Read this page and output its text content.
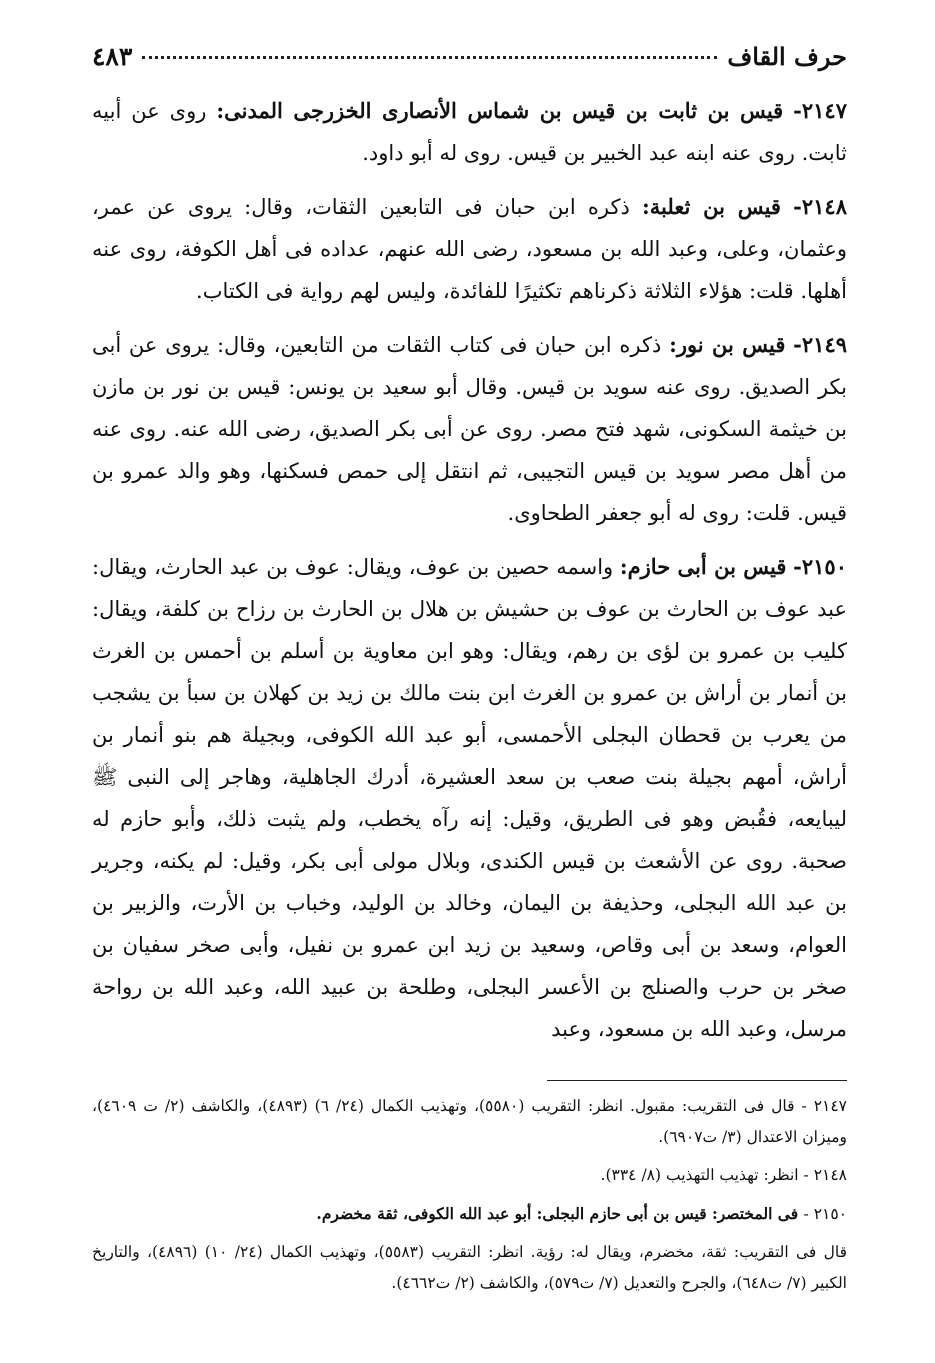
حرف القاف
٤٨٣

٢١٤٧- قيس بن ثابت بن قيس بن شماس الأنصارى الخزرجى المدنى: روى عن أبيه ثابت. روى عنه ابنه عبد الخبير بن قيس. روى له أبو داود.

٢١٤٨- قيس بن ثعلبة: ذكره ابن حبان فى التابعين الثقات، وقال: يروى عن عمر، وعثمان، وعلى، وعبد الله بن مسعود، رضى الله عنهم، عداده فى أهل الكوفة، روى عنه أهلها. قلت: هؤلاء الثلاثة ذكرناهم تكثيرًا للفائدة، وليس لهم رواية فى الكتاب.

٢١٤٩- قيس بن نور: ذكره ابن حبان فى كتاب الثقات من التابعين، وقال: يروى عن أبى بكر الصديق. روى عنه سويد بن قيس. وقال أبو سعيد بن يونس: قيس بن نور بن مازن بن خيثمة السكونى، شهد فتح مصر. روى عن أبى بكر الصديق، رضى الله عنه. روى عنه من أهل مصر سويد بن قيس التجيبى، ثم انتقل إلى حمص فسكنها، وهو والد عمرو بن قيس. قلت: روى له أبو جعفر الطحاوى.

٢١٥٠- قيس بن أبى حازم: واسمه حصين بن عوف، ويقال: عوف بن عبد الحارث، ويقال: عبد عوف بن الحارث بن عوف بن حشيش بن هلال بن الحارث بن رزاح بن كلفة، ويقال: كليب بن عمرو بن لؤى بن رهم، ويقال: وهو ابن معاوية بن أسلم بن أحمس بن الغرث بن أنمار بن أراش بن عمرو بن الغرث ابن بنت مالك بن زيد بن كهلان بن سبأ بن يشجب من يعرب بن قحطان البجلى الأحمسى، أبو عبد الله الكوفى، وبجيلة هم بنو أنمار بن أراش، أمهم بجيلة بنت صعب بن سعد العشيرة، أدرك الجاهلية، وهاجر إلى النبى ﷺ ليبايعه، فقُبض وهو فى الطريق، وقيل: إنه رآه يخطب، ولم يثبت ذلك، وأبو حازم له صحبة. روى عن الأشعث بن قيس الكندى، وبلال مولى أبى بكر، وقيل: لم يكنه، وجرير بن عبد الله البجلى، وحذيفة بن اليمان، وخالد بن الوليد، وخباب بن الأرت، والزبير بن العوام، وسعد بن أبى وقاص، وسعيد بن زيد ابن عمرو بن نفيل، وأبى صخر سفيان بن صخر بن حرب والصنلج بن الأعسر البجلى، وطلحة بن عبيد الله، وعبد الله بن رواحة مرسل، وعبد الله بن مسعود، وعبد

٢١٤٧ - قال فى التقريب: مقبول. انظر: التقريب (٥٥٨٠)، وتهذيب الكمال (٢٤/ ٦) (٤٨٩٣)، والكاشف (٢/ ت ٤٦٠٩)، وميزان الاعتدال (٣/ ت٦٩٠٧).

٢١٤٨ - انظر: تهذيب التهذيب (٨/ ٣٣٤).

٢١٥٠ - فى المختصر: قيس بن أبى حازم البجلى: أبو عبد الله الكوفى، ثقة مخضرم.

قال فى التقريب: ثقة، مخضرم، ويقال له: رؤية. انظر: التقريب (٥٥٨٣)، وتهذيب الكمال (٢٤/ ١٠) (٤٨٩٦)، والتاريخ الكبير (٧/ ت٦٤٨)، والجرح والتعديل (٧/ ت٥٧٩)، والكاشف (٢/ ت٤٦٦٢).
